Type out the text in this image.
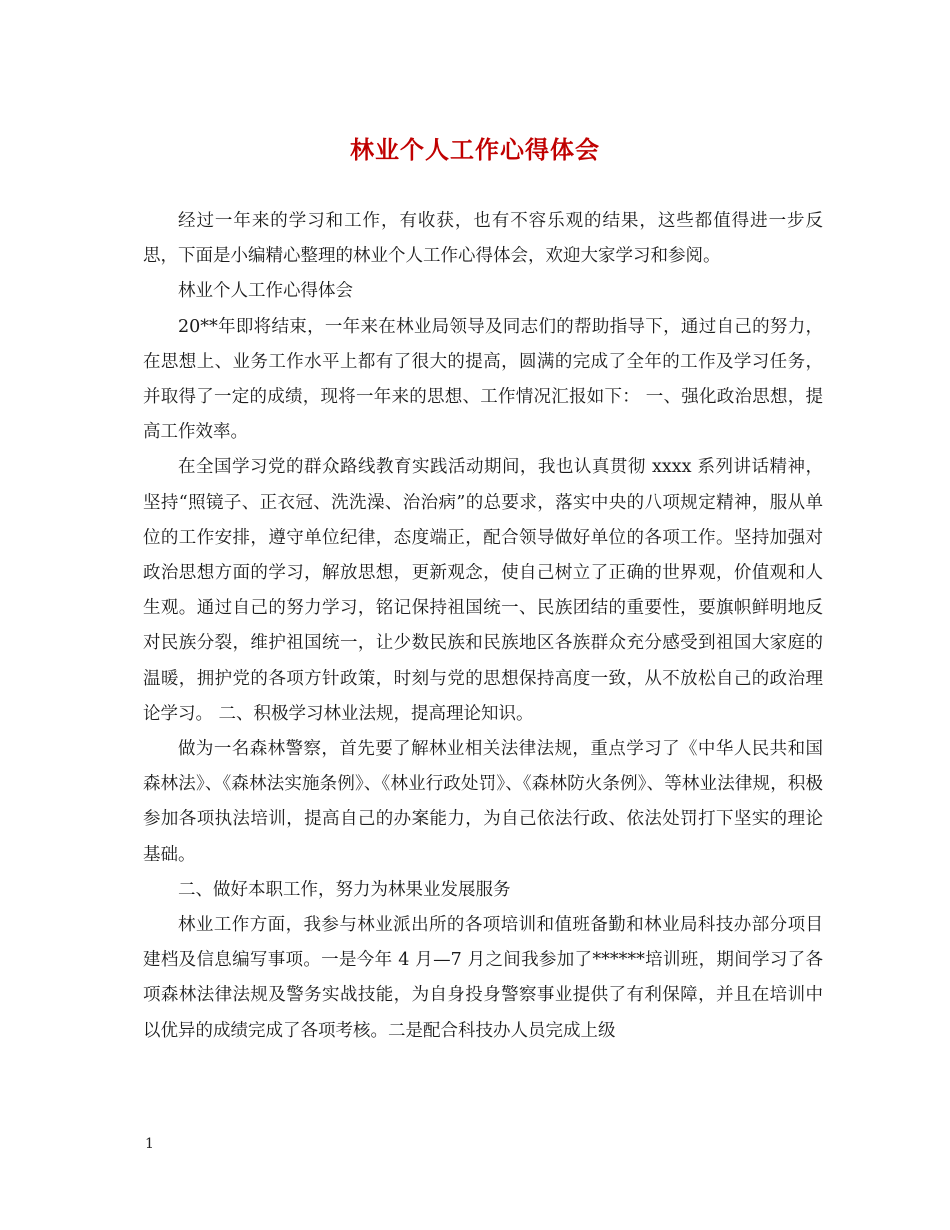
林业个人工作心得体会

经过一年来的学习和工作，有收获，也有不容乐观的结果，这些都值得进一步反思，下面是小编精心整理的林业个人工作心得体会，欢迎大家学习和参阅。

林业个人工作心得体会

20**年即将结束，一年来在林业局领导及同志们的帮助指导下，通过自己的努力，在思想上、业务工作水平上都有了很大的提高，圆满的完成了全年的工作及学习任务，并取得了一定的成绩，现将一年来的思想、工作情况汇报如下： 一、强化政治思想，提高工作效率。

在全国学习党的群众路线教育实践活动期间，我也认真贯彻 xxxx 系列讲话精神，坚持“照镜子、正衣冠、洗洗澡、治治病”的总要求，落实中央的八项规定精神，服从单位的工作安排，遵守单位纪律，态度端正，配合领导做好单位的各项工作。坚持加强对政治思想方面的学习，解放思想，更新观念，使自己树立了正确的世界观，价值观和人生观。通过自己的努力学习，铭记保持祖国统一、民族团结的重要性，要旗帜鲜明地反对民族分裂，维护祖国统一，让少数民族和民族地区各族群众充分感受到祖国大家庭的温暖，拥护党的各项方针政策，时刻与党的思想保持高度一致，从不放松自己的政治理论学习。 二、积极学习林业法规，提高理论知识。

做为一名森林警察，首先要了解林业相关法律法规，重点学习了《中华人民共和国森林法》、《森林法实施条例》、《林业行政处罚》、《森林防火条例》、等林业法律规，积极参加各项执法培训，提高自己的办案能力，为自己依法行政、依法处罚打下坚实的理论基础。

二、做好本职工作，努力为林果业发展服务

林业工作方面，我参与林业派出所的各项培训和值班备勤和林业局科技办部分项目建档及信息编写事项。一是今年 4 月—7 月之间我参加了******培训班，期间学习了各项森林法律法规及警务实战技能，为自身投身警察事业提供了有利保障，并且在培训中以优异的成绩完成了各项考核。二是配合科技办人员完成上级

1
